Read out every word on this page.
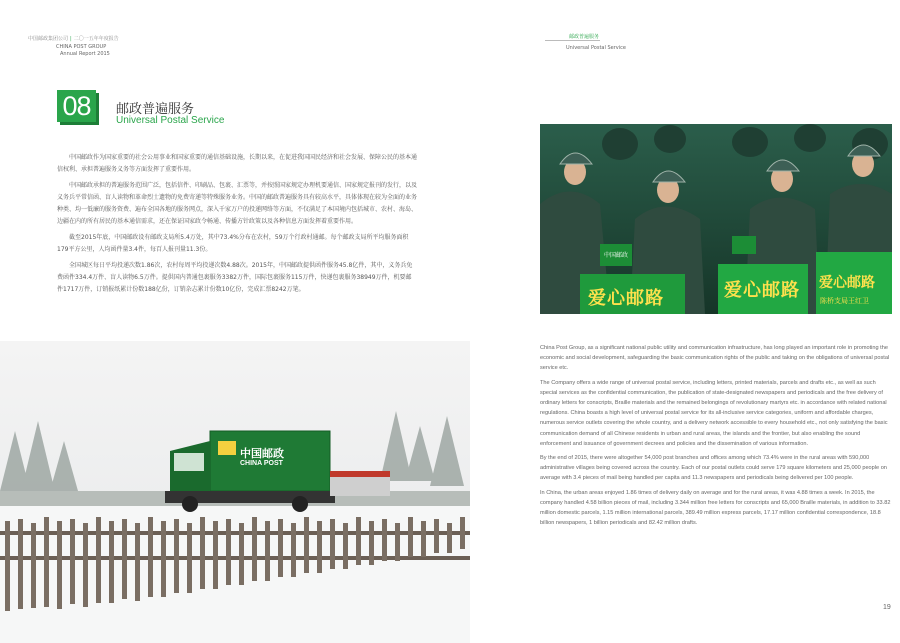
中国邮政集团公司 | 二〇一五年年度报告
CHINA POST GROUP
Annual Report 2015
邮政普遍服务
Universal Postal Service
08	邮政普遍服务
Universal Postal Service

中国邮政作为国家重要的社会公用事业和国家重要的通信基础设施，长期以来，在促进我国国民经济和社会发展、保障公民的基本通信权利、承担普遍服务义务等方面发挥了重要作用。

中国邮政承担的普遍服务范围广泛，包括信件、印刷品、包裹、汇票等，并按照国家规定办理机要通信、国家规定报刊的发行，以及义务兵平常信函、盲人读物和革命烈士遗物的免费寄递等特殊服务业务。中国的邮政普遍服务具有较高水平，具体体现在较为全面的业务种类、均一低廉的服务资费、遍布全国各地的服务网点，深入千家万户的投递网络等方面，不仅满足了本国境内包括城市、农村、海岛、边疆在内的所有居民的基本通信需求，还在保证国家政令畅通、传播方针政策以及各种信息方面发挥着重要作用。

截至2015年底，中国邮政设有邮政支局所5.4万处，其中73.4%分布在农村，59万个行政村通邮。每个邮政支局所平均服务面积179平方公里，人均函件量3.4件，每百人报刊量11.3份。

全国城区每日平均投递次数1.86次，农村每周平均投递次数4.88次。2015年，中国邮政提供函件服务45.8亿件，其中，义务兵免费函件334.4万件、盲人读物6.5万件。提供国内普通包裹服务3382万件，国际包裹服务115万件，快递包裹服务38949万件，机要邮件1717万件，订销报纸累计份数188亿份，订销杂志累计份数10亿份，完成汇票8242万笔。

中国邮政
爱心邮路	爱心邮路 爱心邮路
陈桥支局王红卫
中国邮政
CHINA POST

China Post Group, as a significant national public utility and communication infrastructure, has long played an important role in promoting the economic and social development, safeguarding the basic communication rights of the public and taking on the obligations of universal postal service etc.

The Company offers a wide range of universal postal service, including letters, printed materials, parcels and drafts etc., as well as such special services as the confidential communication, the publication of state-designated newspapers and periodicals and the free delivery of ordinary letters for conscripts, Braille materials and the remained belongings of revolutionary martyrs etc. in accordance with related national regulations. China boasts a high level of universal postal service for its all-inclusive service categories, uniform and affordable charges, numerous service outlets covering the whole country, and a delivery network accessible to every household etc., not only satisfying the basic communication demand of all Chinese residents in urban and rural areas, the islands and the frontier, but also enabling the sound enforcement and issuance of government decrees and policies and the dissemination of various information.

By the end of 2015, there were altogether 54,000 post branches and offices among which 73.4% were in the rural areas with 590,000 administrative villages being covered across the country. Each of our postal outlets could serve 179 square kilometers and 25,000 people on average with 3.4 pieces of mail being handled per capita and 11.3 newspapers and periodicals being delivered per 100 people.

In China, the urban areas enjoyed 1.86 times of delivery daily on average and for the rural areas, it was 4.88 times a week. In 2015, the company handled 4.58 billion pieces of mail, including 3.344 million free letters for conscripts and 65,000 Braille materials, in addition to 33.82 million domestic parcels, 1.15 million international parcels, 389.49 million express parcels, 17.17 million confidential correspondence, 18.8 billion newspapers, 1 billion periodicals and 82.42 million drafts.

19
